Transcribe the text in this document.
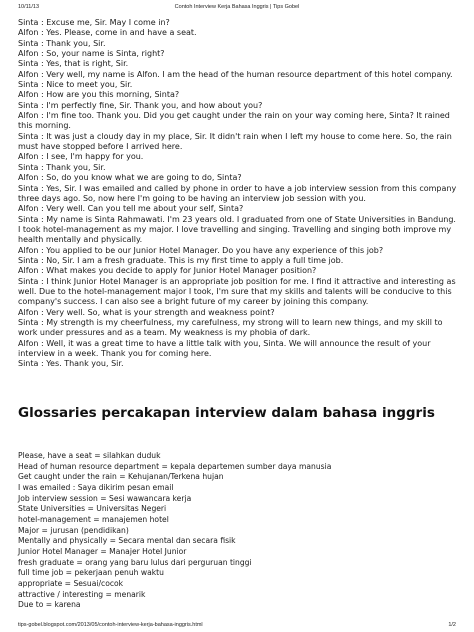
10/11/13	Contoh Interview Kerja Bahasa Inggris | Tips Gobel
Sinta : Excuse me, Sir. May I come in?
Alfon : Yes. Please, come in and have a seat.
Sinta : Thank you, Sir.
Alfon : So, your name is Sinta, right?
Sinta : Yes, that is right, Sir.
Alfon : Very well, my name is Alfon. I am the head of the human resource department of this hotel company.
Sinta : Nice to meet you, Sir.
Alfon : How are you this morning, Sinta?
Sinta : I'm perfectly fine, Sir. Thank you, and how about you?
Alfon : I'm fine too. Thank you. Did you get caught under the rain on your way coming here, Sinta? It rained this morning.
Sinta : It was just a cloudy day in my place, Sir. It didn't rain when I left my house to come here. So, the rain must have stopped before I arrived here.
Alfon : I see, I'm happy for you.
Sinta : Thank you, Sir.
Alfon : So, do you know what we are going to do, Sinta?
Sinta : Yes, Sir. I was emailed and called by phone in order to have a job interview session from this company three days ago. So, now here I'm going to be having an interview job session with you.
Alfon : Very well. Can you tell me about your self, Sinta?
Sinta : My name is Sinta Rahmawati. I'm 23 years old. I graduated from one of State Universities in Bandung. I took hotel-management as my major. I love travelling and singing. Travelling and singing both improve my health mentally and physically.
Alfon : You applied to be our Junior Hotel Manager. Do you have any experience of this job?
Sinta : No, Sir. I am a fresh graduate. This is my first time to apply a full time job.
Alfon : What makes you decide to apply for Junior Hotel Manager position?
Sinta : I think Junior Hotel Manager is an appropriate job position for me. I find it attractive and interesting as well. Due to the hotel-management major I took, I'm sure that my skills and talents will be conducive to this company's success. I can also see a bright future of my career by joining this company.
Alfon : Very well. So, what is your strength and weakness point?
Sinta : My strength is my cheerfulness, my carefulness, my strong will to learn new things, and my skill to work under pressures and as a team. My weakness is my phobia of dark.
Alfon : Well, it was a great time to have a little talk with you, Sinta. We will announce the result of your interview in a week. Thank you for coming here.
Sinta : Yes. Thank you, Sir.
Glossaries percakapan interview dalam bahasa inggris
Please, have a seat = silahkan duduk
Head of human resource department = kepala departemen sumber daya manusia
Get caught under the rain = Kehujanan/Terkena hujan
I was emailed : Saya dikirim pesan email
Job interview session = Sesi wawancara kerja
State Universities = Universitas Negeri
hotel-management = manajemen hotel
Major = jurusan (pendidikan)
Mentally and physically = Secara mental dan secara fisik
Junior Hotel Manager = Manajer Hotel Junior
fresh graduate = orang yang baru lulus dari perguruan tinggi
full time job = pekerjaan penuh waktu
appropriate = Sesuai/cocok
attractive / interesting = menarik
Due to = karena
tips-gobel.blogspot.com/2013/05/contoh-interview-kerja-bahasa-inggris.html	1/2
